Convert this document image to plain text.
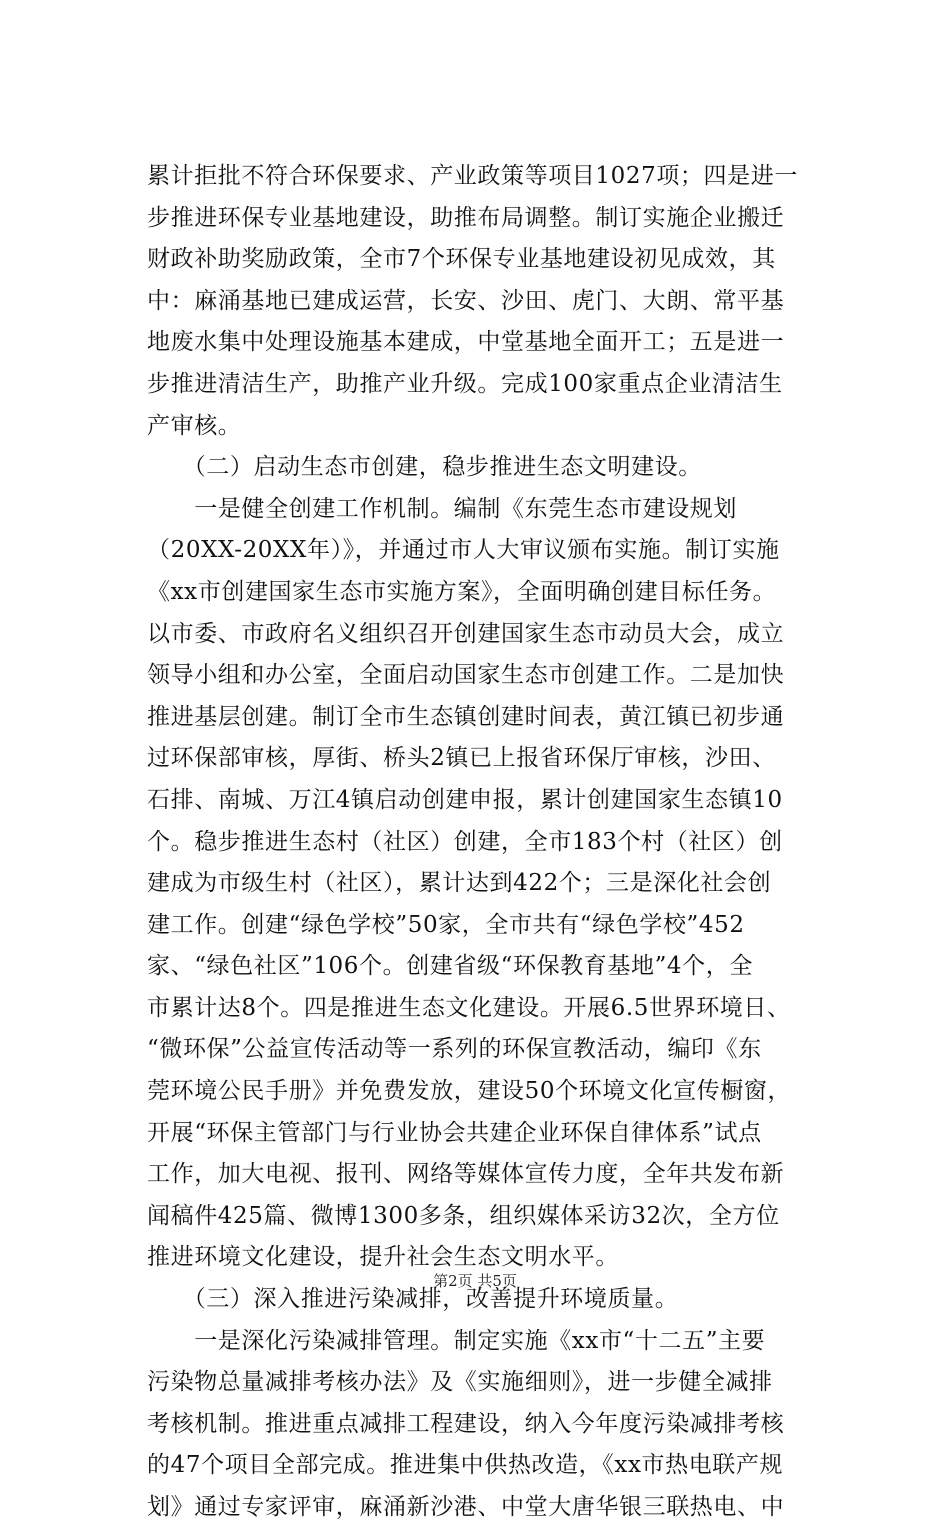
累计拒批不符合环保要求、产业政策等项目1027项；四是进一
步推进环保专业基地建设，助推布局调整。制订实施企业搬迁
财政补助奖励政策，全市7个环保专业基地建设初见成效，其
中：麻涌基地已建成运营，长安、沙田、虎门、大朗、常平基
地废水集中处理设施基本建成，中堂基地全面开工；五是进一
步推进清洁生产，助推产业升级。完成100家重点企业清洁生
产审核。
　　（二）启动生态市创建，稳步推进生态文明建设。
　　一是健全创建工作机制。编制《东莞生态市建设规划
（20XX-20XX年）》，并通过市人大审议颁布实施。制订实施
《xx市创建国家生态市实施方案》，全面明确创建目标任务。
以市委、市政府名义组织召开创建国家生态市动员大会，成立
领导小组和办公室，全面启动国家生态市创建工作。二是加快
推进基层创建。制订全市生态镇创建时间表，黄江镇已初步通
过环保部审核，厚街、桥头2镇已上报省环保厅审核，沙田、
石排、南城、万江4镇启动创建申报，累计创建国家生态镇10
个。稳步推进生态村（社区）创建，全市183个村（社区）创
建成为市级生村（社区），累计达到422个；三是深化社会创
建工作。创建“绿色学校”50家，全市共有“绿色学校”452
家、“绿色社区”106个。创建省级“环保教育基地”4个，全
市累计达8个。四是推进生态文化建设。开展6.5世界环境日、
“微环保”公益宣传活动等一系列的环保宣教活动，编印《东
莞环境公民手册》并免费发放，建设50个环境文化宣传橱窗，
开展“环保主管部门与行业协会共建企业环保自律体系”试点
工作，加大电视、报刊、网络等媒体宣传力度，全年共发布新
闻稿件425篇、微博1300多条，组织媒体采访32次，全方位
推进环境文化建设，提升社会生态文明水平。
　　（三）深入推进污染减排，改善提升环境质量。
　　一是深化污染减排管理。制定实施《xx市“十二五”主要
污染物总量减排考核办法》及《实施细则》，进一步健全减排
考核机制。推进重点减排工程建设，纳入今年度污染减排考核
的47个项目全部完成。推进集中供热改造，《xx市热电联产规
划》通过专家评审，麻涌新沙港、中堂大唐华银三联热电、中
第2页 共5页
